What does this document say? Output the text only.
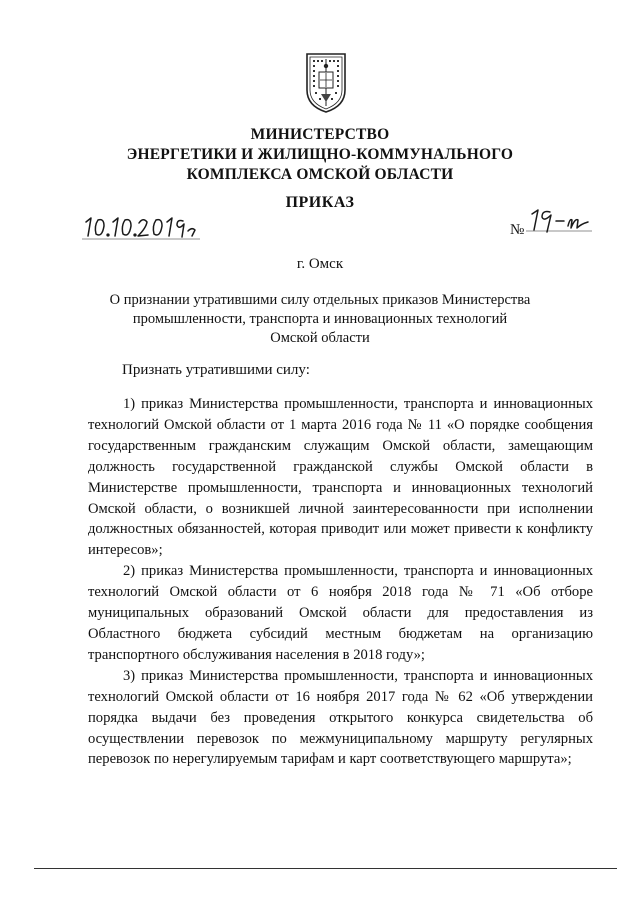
МИНИСТЕРСТВО
ЭНЕРГЕТИКИ И ЖИЛИЩНО-КОММУНАЛЬНОГО
КОМПЛЕКСА ОМСКОЙ ОБЛАСТИ
ПРИКАЗ
№
г. Омск
О признании утратившими силу отдельных приказов Министерства
промышленности, транспорта и инновационных технологий
Омской области
Признать утратившими силу:

1) приказ Министерства промышленности, транспорта и инновационных технологий Омской области от 1 марта 2016 года № 11 «О порядке сообщения государственным гражданским служащим Омской области, замещающим должность государственной гражданской службы Омской области в Министерстве промышленности, транспорта и инновационных технологий Омской области, о возникшей личной заинтересованности при исполнении должностных обязанностей, которая приводит или может привести к конфликту интересов»;

2) приказ Министерства промышленности, транспорта и инновационных технологий Омской области от 6 ноября 2018 года № 71 «Об отборе муниципальных образований Омской области для предоставления из Областного бюджета субсидий местным бюджетам на организацию транспортного обслуживания населения в 2018 году»;

3) приказ Министерства промышленности, транспорта и инновационных технологий Омской области от 16 ноября 2017 года № 62 «Об утверждении порядка выдачи без проведения открытого конкурса свидетельства об осуществлении перевозок по межмуниципальному маршруту регулярных перевозок по нерегулируемым тарифам и карт соответствующего маршрута»;
